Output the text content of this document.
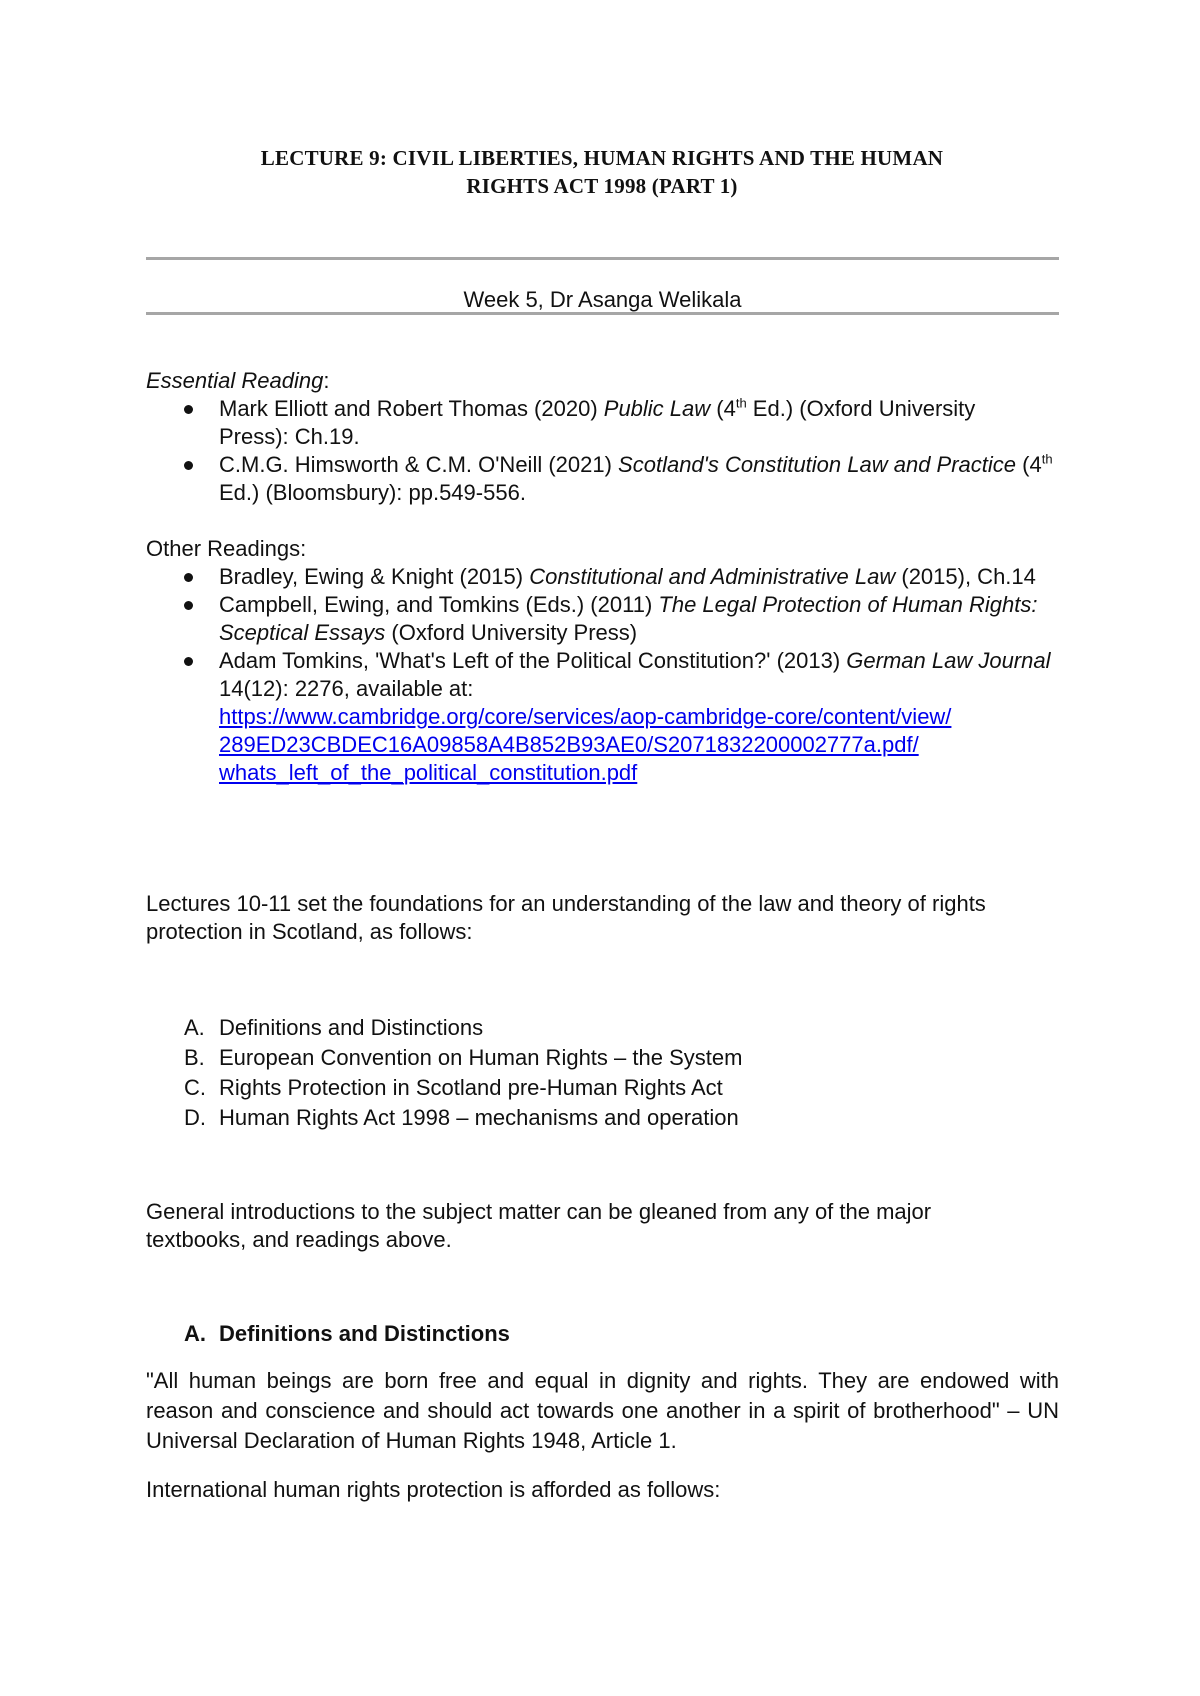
LECTURE 9: CIVIL LIBERTIES, HUMAN RIGHTS AND THE HUMAN
RIGHTS ACT 1998 (PART 1)
Week 5, Dr Asanga Welikala
Essential Reading:
Mark Elliott and Robert Thomas (2020) Public Law (4th Ed.) (Oxford University Press): Ch.19.
C.M.G. Himsworth & C.M. O'Neill (2021) Scotland's Constitution Law and Practice (4th Ed.) (Bloomsbury): pp.549-556.
Other Readings:
Bradley, Ewing & Knight (2015) Constitutional and Administrative Law (2015), Ch.14
Campbell, Ewing, and Tomkins (Eds.) (2011) The Legal Protection of Human Rights: Sceptical Essays (Oxford University Press)
Adam Tomkins, 'What's Left of the Political Constitution?' (2013) German Law Journal 14(12): 2276, available at:
https://www.cambridge.org/core/services/aop-cambridge-core/content/view/
289ED23CBDEC16A09858A4B852B93AE0/S2071832200002777a.pdf/
whats_left_of_the_political_constitution.pdf
Lectures 10-11 set the foundations for an understanding of the law and theory of rights protection in Scotland, as follows:
A. Definitions and Distinctions
B. European Convention on Human Rights – the System
C. Rights Protection in Scotland pre-Human Rights Act
D. Human Rights Act 1998 – mechanisms and operation
General introductions to the subject matter can be gleaned from any of the major textbooks, and readings above.
A. Definitions and Distinctions
"All human beings are born free and equal in dignity and rights. They are endowed with reason and conscience and should act towards one another in a spirit of brotherhood" – UN Universal Declaration of Human Rights 1948, Article 1.
International human rights protection is afforded as follows:
